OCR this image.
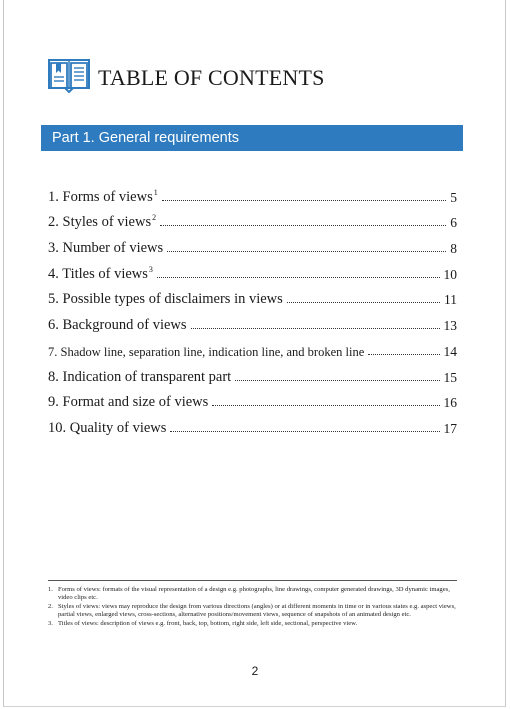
TABLE OF CONTENTS
Part 1. General requirements
1. Forms of views$^1$	5
2. Styles of views$^2$	6
3. Number of views	8
4. Titles of views$^3$	10
5. Possible types of disclaimers in views	11
6. Background of views	13
7. Shadow line, separation line, indication line, and broken line	14
8. Indication of transparent part	15
9. Format and size of views	16
10. Quality of views	17
1. Forms of views: formats of the visual representation of a design e.g. photographs, line drawings, computer generated drawings, 3D dynamic images, video clips etc.
2. Styles of views: views may reproduce the design from various directions (angles) or at different moments in time or in various states e.g. aspect views, partial views, enlarged views, cross-sections, alternative positions/movement views, sequence of snapshots of an animated design etc.
3. Titles of views: description of views e.g. front, back, top, bottom, right side, left side, sectional, perspective view.
2
